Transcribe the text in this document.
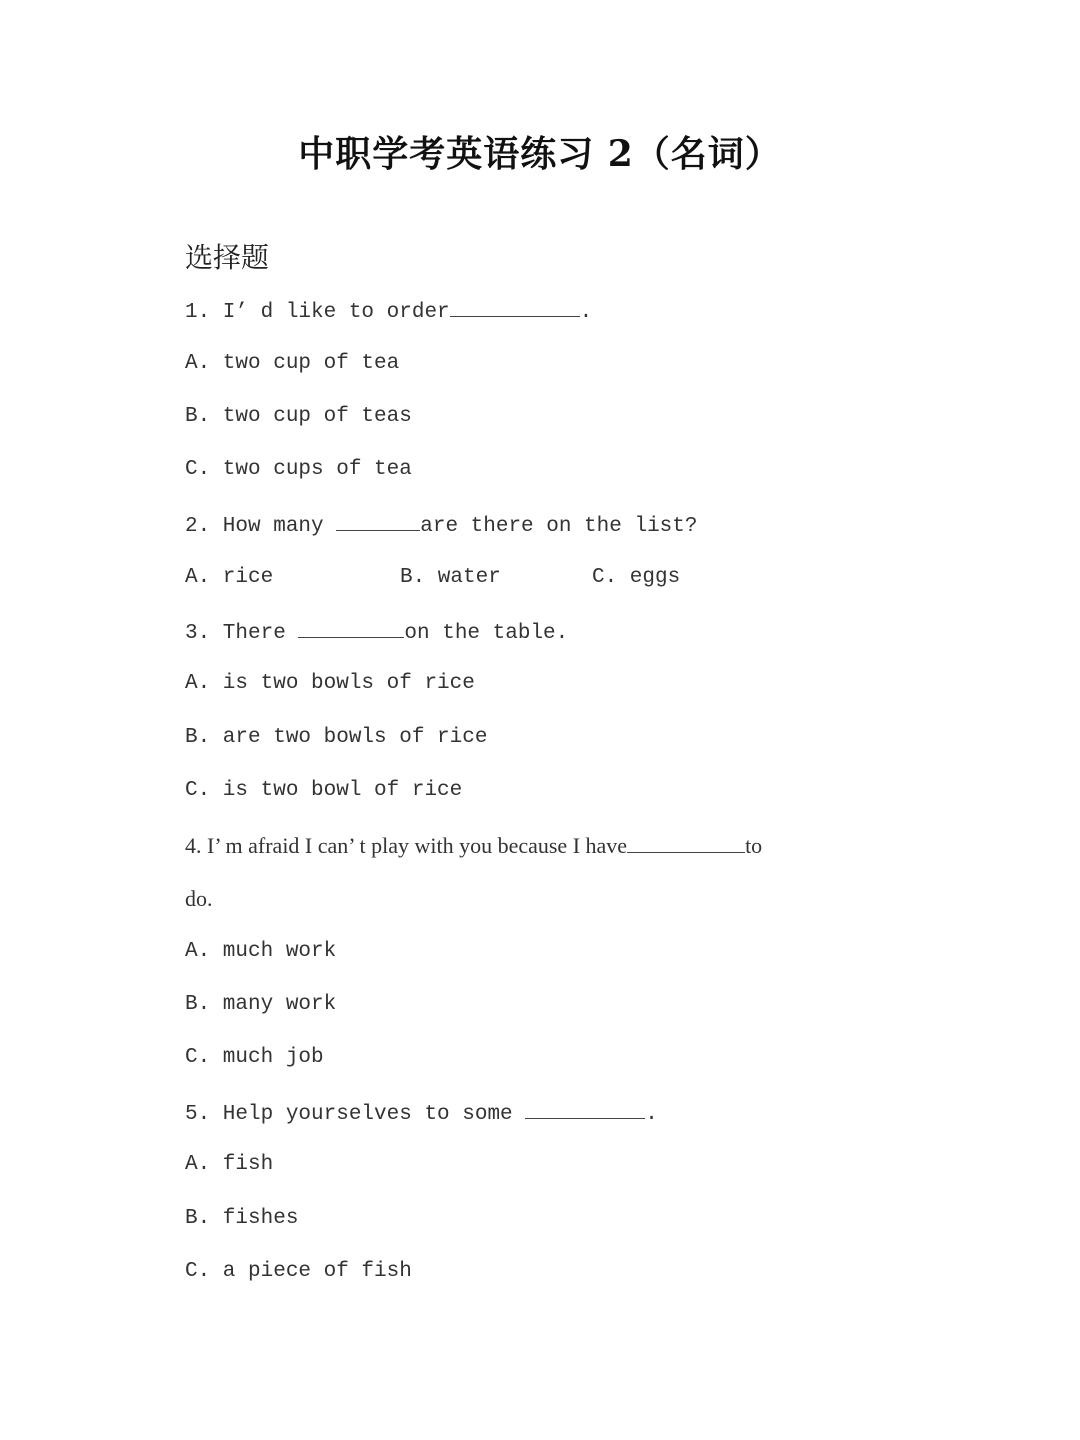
中职学考英语练习 2（名词）
选择题
1. I’ d like to order	.
A. two cup of tea
B. two cup of teas
C. two cups of tea
2. How many	are there on the list?
A. rice	B. water	C. eggs
3. There	on the table.
A. is two bowls of rice
B. are two bowls of rice
C. is two bowl of rice
4. I’ m afraid I can’ t play with you because I have	to
do.
A. much work
B. many work
C. much job
5. Help yourselves to some	.
A. fish
B. fishes
C. a piece of fish
